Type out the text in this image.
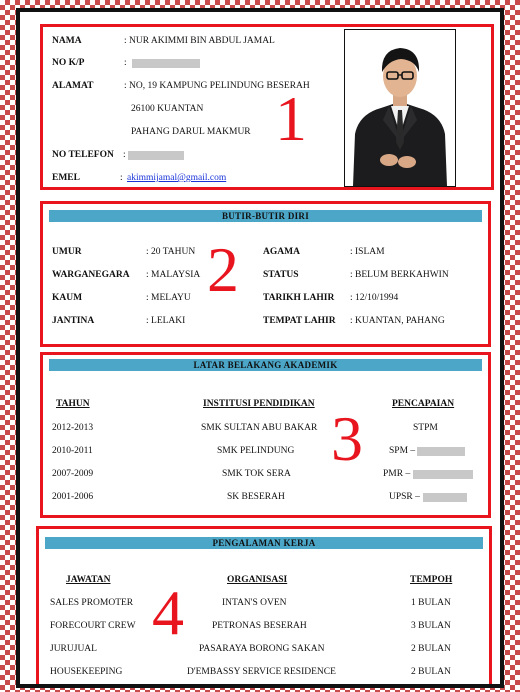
NAMA	: NUR AKIMMI BIN ABDUL JAMAL
NO K/P	:
ALAMAT	: NO, 19 KAMPUNG PELINDUNG BESERAH
26100 KUANTAN
PAHANG DARUL MAKMUR
NO TELEFON :
EMEL	: akimmijamal@gmail.com
1
BUTIR-BUTIR DIRI
UMUR	: 20 TAHUN
WARGANEGARA : MALAYSIA
KAUM	: MELAYU
JANTINA	: LELAKI
AGAMA	: ISLAM
STATUS	: BELUM BERKAHWIN
TARIKH LAHIR : 12/10/1994
TEMPAT LAHIR : KUANTAN, PAHANG
2
LATAR BELAKANG AKADEMIK
TAHUN	INSTITUSI PENDIDIKAN	PENCAPAIAN
2012-2013	SMK SULTAN ABU BAKAR	STPM
2010-2011	SMK PELINDUNG	SPM –
2007-2009	SMK TOK SERA	PMR –
2001-2006	SK BESERAH	UPSR –
3
PENGALAMAN KERJA
JAWATAN	ORGANISASI	TEMPOH
SALES PROMOTER	INTAN'S OVEN	1 BULAN
FORECOURT CREW	PETRONAS BESERAH	3 BULAN
JURUJUAL	PASARAYA BORONG SAKAN	2 BULAN
HOUSEKEEPING	D'EMBASSY SERVICE RESIDENCE	2 BULAN
4
